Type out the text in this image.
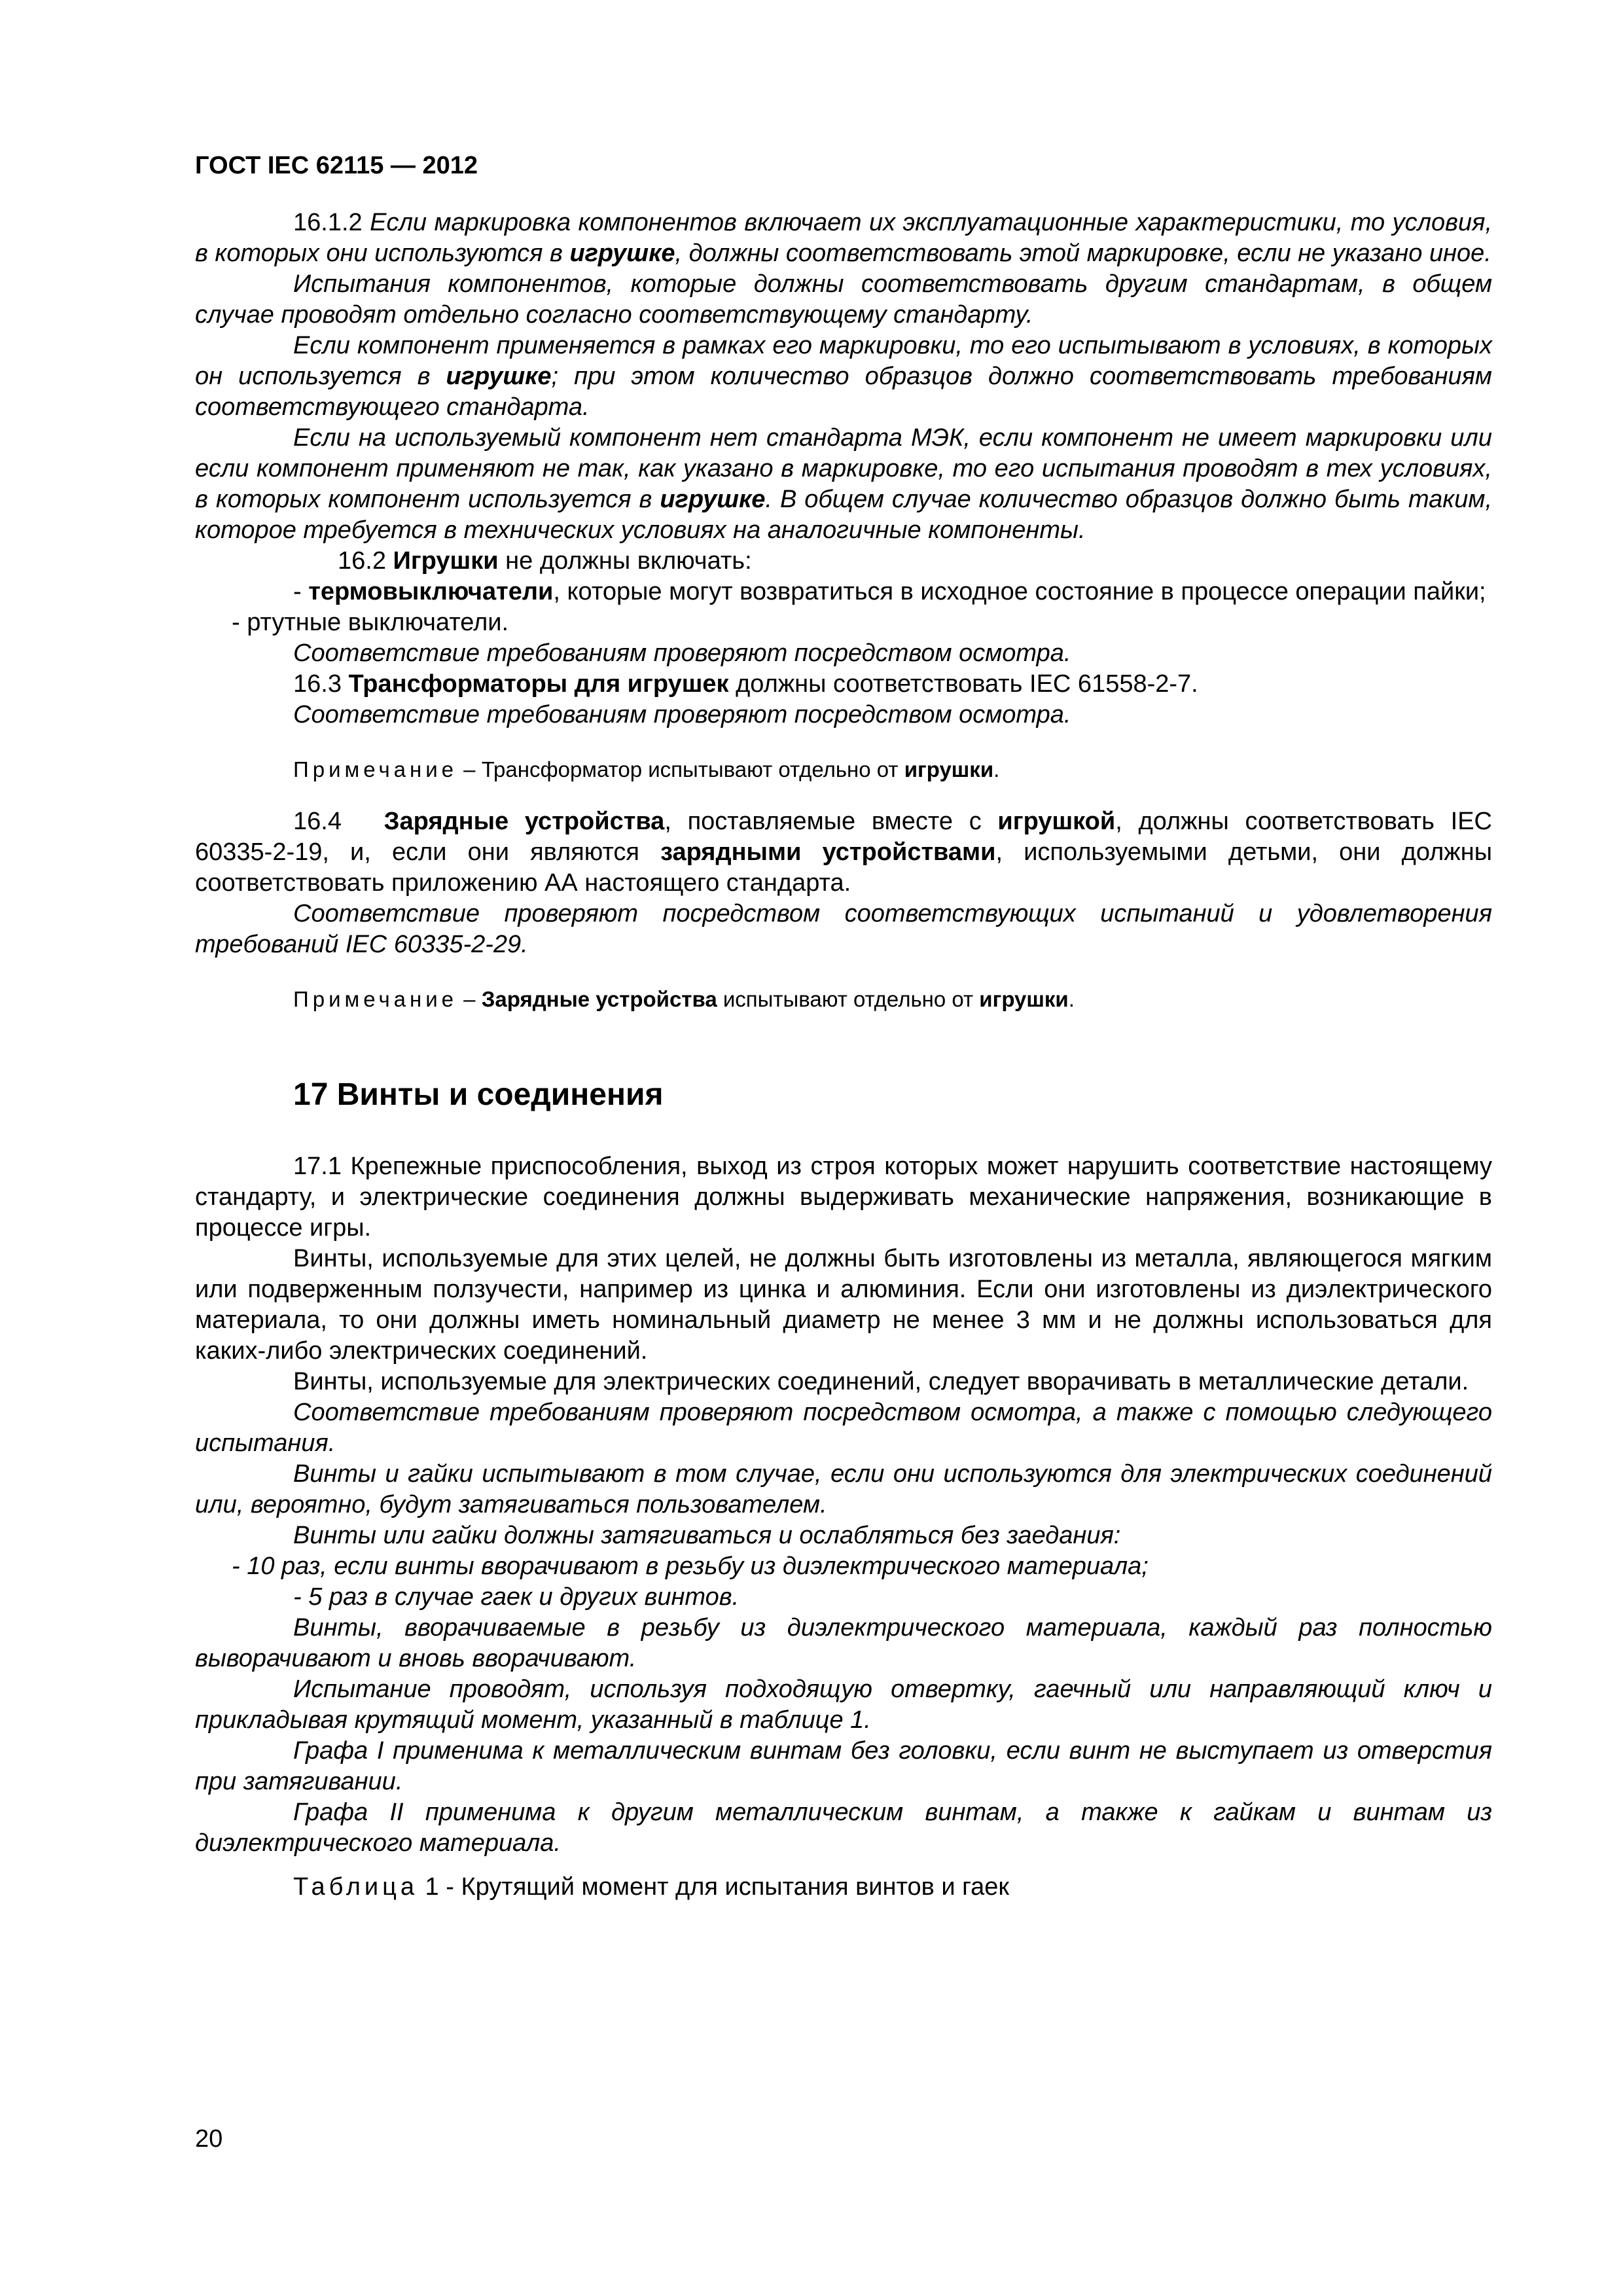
ГОСТ IEC 62115 — 2012

16.1.2 Если маркировка компонентов включает их эксплуатационные характеристики, то условия, в которых они используются в игрушке, должны соответствовать этой маркировке, если не указано иное.

Испытания компонентов, которые должны соответствовать другим стандартам, в общем случае проводят отдельно согласно соответствующему стандарту.

Если компонент применяется в рамках его маркировки, то его испытывают в условиях, в которых он используется в игрушке; при этом количество образцов должно соответствовать требованиям соответствующего стандарта.

Если на используемый компонент нет стандарта МЭК, если компонент не имеет маркировки или если компонент применяют не так, как указано в маркировке, то его испытания проводят в тех условиях, в которых компонент используется в игрушке. В общем случае количество образцов должно быть таким, которое требуется в технических условиях на аналогичные компоненты.

16.2 Игрушки не должны включать:

- термовыключатели, которые могут возвратиться в исходное состояние в процессе операции пайки;

- ртутные выключатели.

Соответствие требованиям проверяют посредством осмотра.

16.3 Трансформаторы для игрушек должны соответствовать IEC 61558-2-7.

Соответствие требованиям проверяют посредством осмотра.

Примечание – Трансформатор испытывают отдельно от игрушки.

16.4 Зарядные устройства, поставляемые вместе с игрушкой, должны соответствовать IEC 60335-2-19, и, если они являются зарядными устройствами, используемыми детьми, они должны соответствовать приложению АА настоящего стандарта.

Соответствие проверяют посредством соответствующих испытаний и удовлетворения требований IEC 60335-2-29.

Примечание – Зарядные устройства испытывают отдельно от игрушки.

17 Винты и соединения

17.1 Крепежные приспособления, выход из строя которых может нарушить соответствие настоящему стандарту, и электрические соединения должны выдерживать механические напряжения, возникающие в процессе игры.

Винты, используемые для этих целей, не должны быть изготовлены из металла, являющегося мягким или подверженным ползучести, например из цинка и алюминия. Если они изготовлены из диэлектрического материала, то они должны иметь номинальный диаметр не менее 3 мм и не должны использоваться для каких-либо электрических соединений.

Винты, используемые для электрических соединений, следует вворачивать в металлические детали.

Соответствие требованиям проверяют посредством осмотра, а также с помощью следующего испытания.

Винты и гайки испытывают в том случае, если они используются для электрических соединений или, вероятно, будут затягиваться пользователем.

Винты или гайки должны затягиваться и ослабляться без заедания:

- 10 раз, если винты вворачивают в резьбу из диэлектрического материала;

- 5 раз в случае гаек и других винтов.

Винты, вворачиваемые в резьбу из диэлектрического материала, каждый раз полностью выворачивают и вновь вворачивают.

Испытание проводят, используя подходящую отвертку, гаечный или направляющий ключ и прикладывая крутящий момент, указанный в таблице 1.

Графа I применима к металлическим винтам без головки, если винт не выступает из отверстия при затягивании.

Графа II применима к другим металлическим винтам, а также к гайкам и винтам из диэлектрического материала.

Таблица 1 - Крутящий момент для испытания винтов и гаек

20
